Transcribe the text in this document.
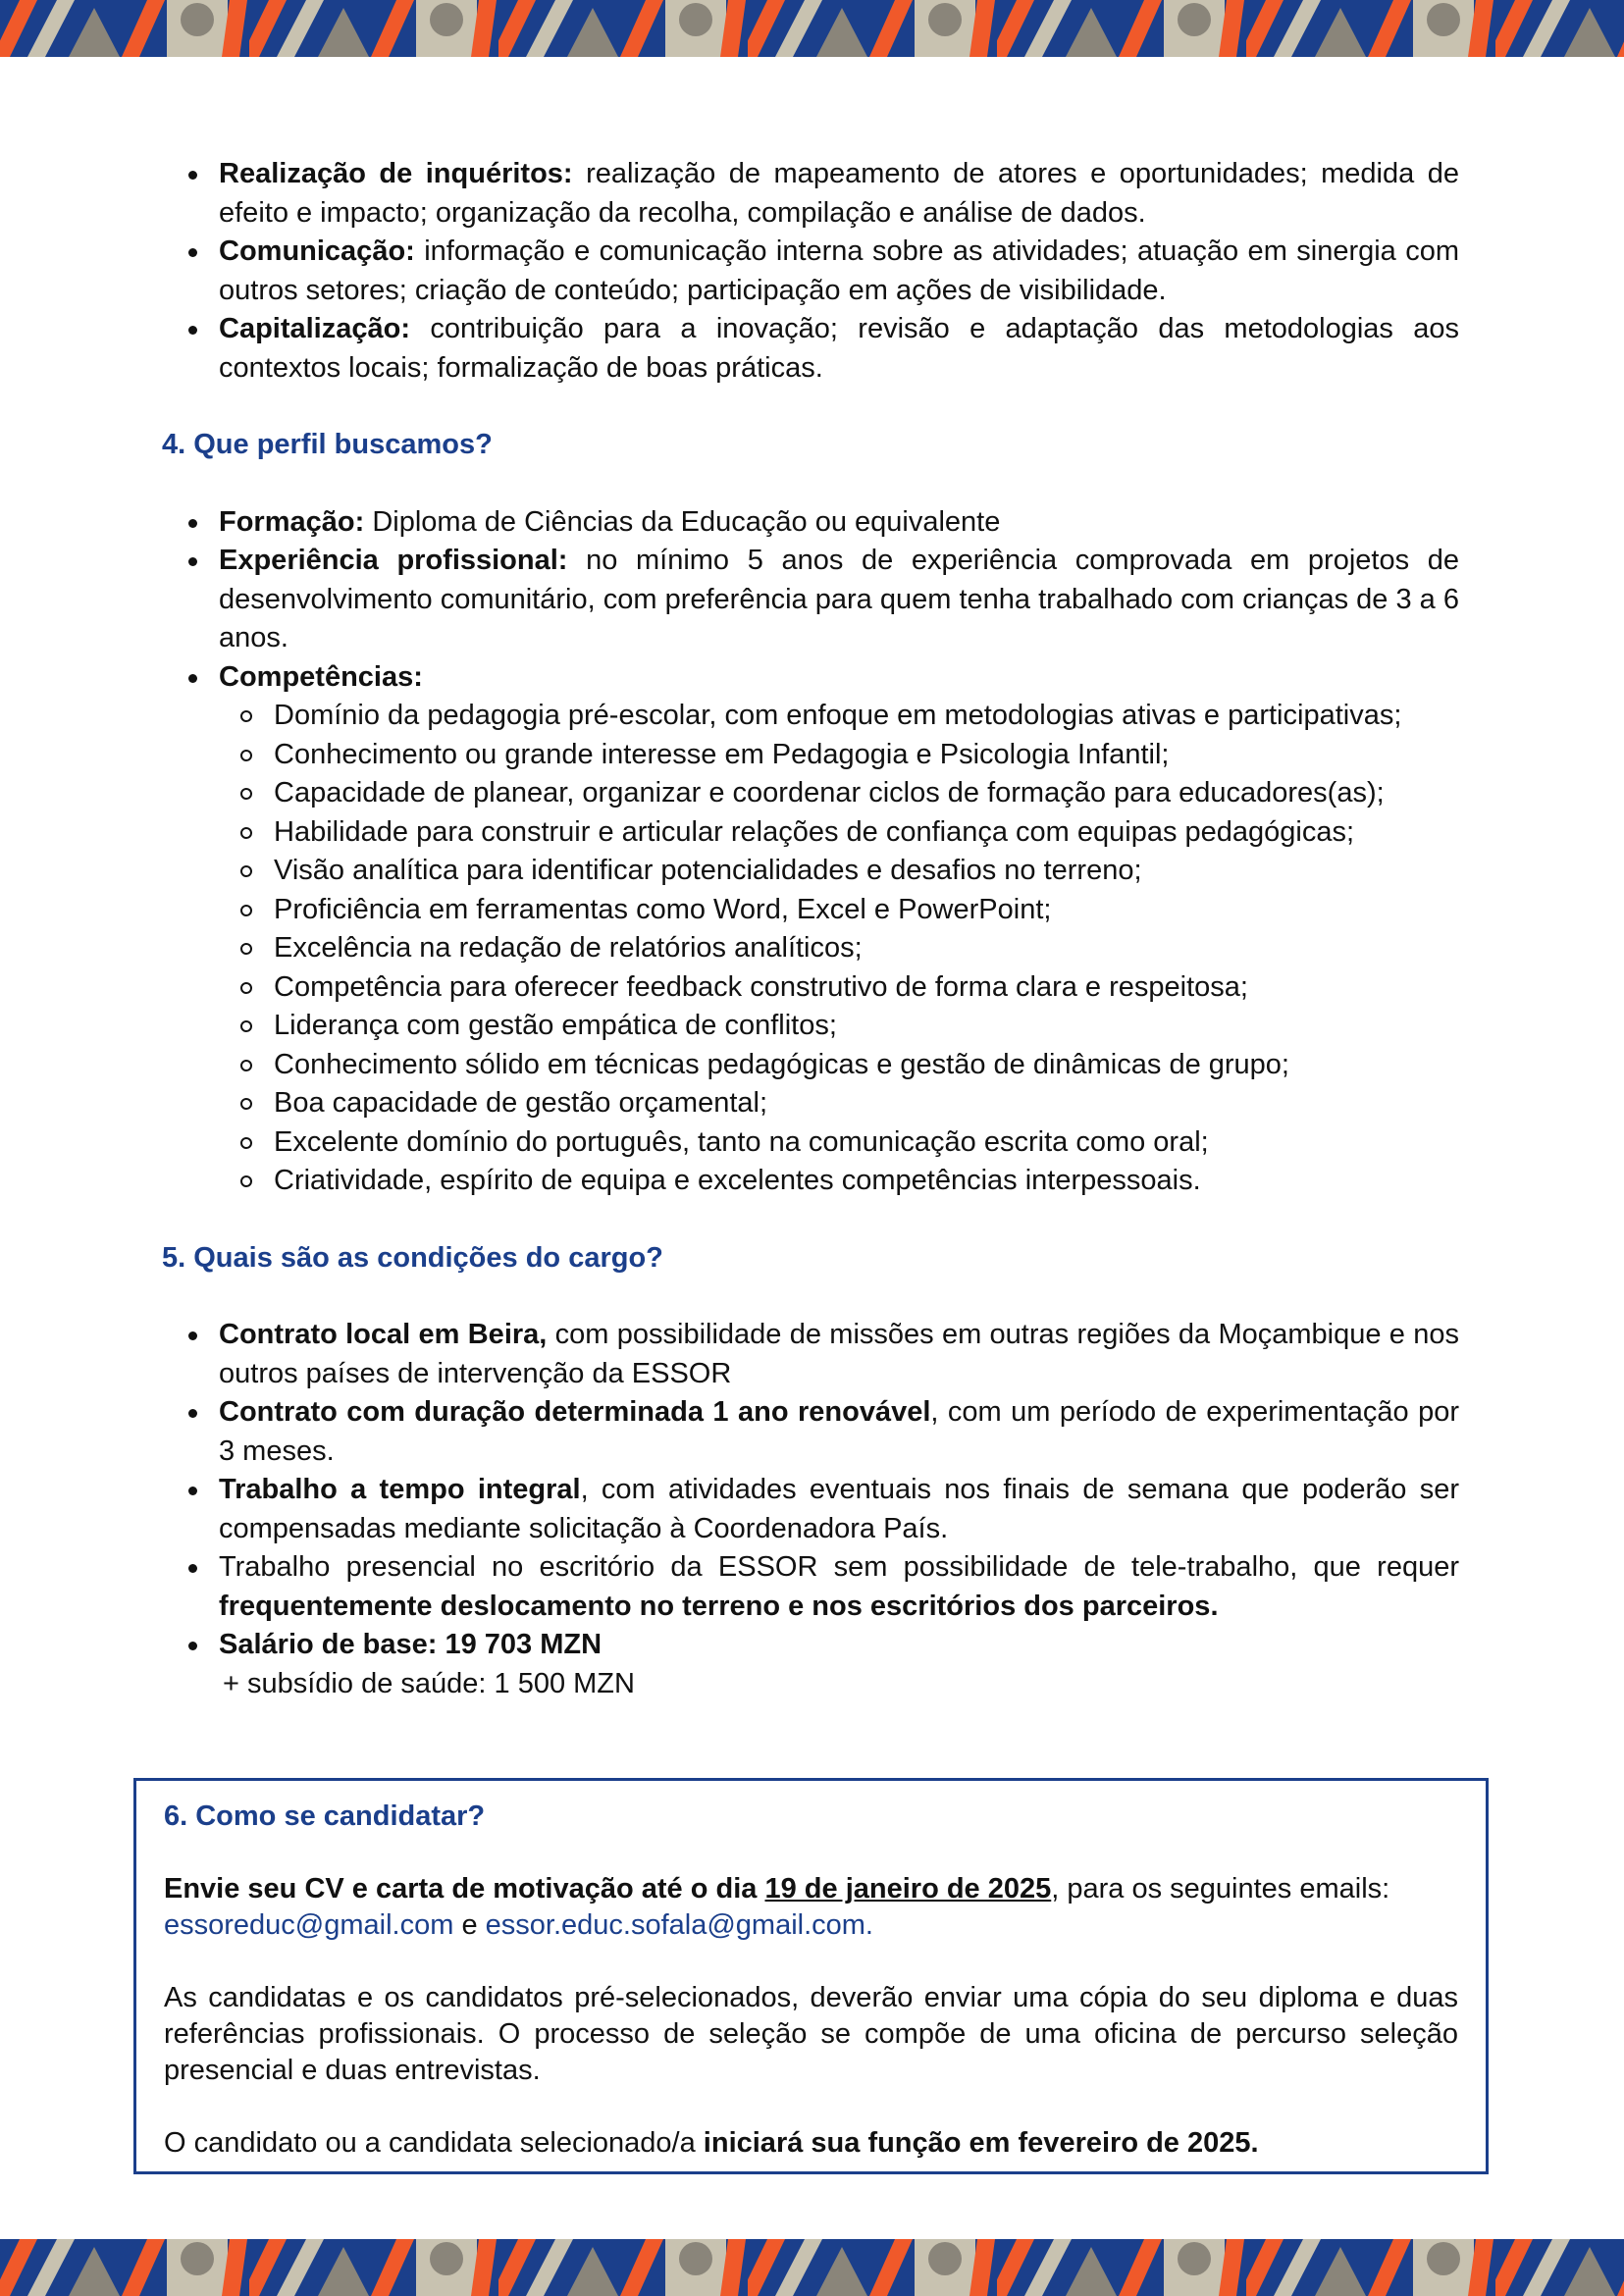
Realização de inquéritos: realização de mapeamento de atores e oportunidades; medida de efeito e impacto; organização da recolha, compilação e análise de dados.
Comunicação: informação e comunicação interna sobre as atividades; atuação em sinergia com outros setores; criação de conteúdo; participação em ações de visibilidade.
Capitalização: contribuição para a inovação; revisão e adaptação das metodologias aos contextos locais; formalização de boas práticas.

4. Que perfil buscamos?

Formação: Diploma de Ciências da Educação ou equivalente
Experiência profissional: no mínimo 5 anos de experiência comprovada em projetos de desenvolvimento comunitário, com preferência para quem tenha trabalhado com crianças de 3 a 6 anos.
Competências:
Domínio da pedagogia pré-escolar, com enfoque em metodologias ativas e participativas;
Conhecimento ou grande interesse em Pedagogia e Psicologia Infantil;
Capacidade de planear, organizar e coordenar ciclos de formação para educadores(as);
Habilidade para construir e articular relações de confiança com equipas pedagógicas;
Visão analítica para identificar potencialidades e desafios no terreno;
Proficiência em ferramentas como Word, Excel e PowerPoint;
Excelência na redação de relatórios analíticos;
Competência para oferecer feedback construtivo de forma clara e respeitosa;
Liderança com gestão empática de conflitos;
Conhecimento sólido em técnicas pedagógicas e gestão de dinâmicas de grupo;
Boa capacidade de gestão orçamental;
Excelente domínio do português, tanto na comunicação escrita como oral;
Criatividade, espírito de equipa e excelentes competências interpessoais.

5. Quais são as condições do cargo?

Contrato local em Beira, com possibilidade de missões em outras regiões da Moçambique e nos outros países de intervenção da ESSOR
Contrato com duração determinada 1 ano renovável, com um período de experimentação por 3 meses.
Trabalho a tempo integral, com atividades eventuais nos finais de semana que poderão ser compensadas mediante solicitação à Coordenadora País.
Trabalho presencial no escritório da ESSOR sem possibilidade de tele-trabalho, que requer frequentemente deslocamento no terreno e nos escritórios dos parceiros.
Salário de base: 19 703 MZN
+ subsídio de saúde: 1 500 MZN

6. Como se candidatar?

Envie seu CV e carta de motivação até o dia 19 de janeiro de 2025, para os seguintes emails:
essoreduc@gmail.com e essor.educ.sofala@gmail.com.

As candidatas e os candidatos pré-selecionados, deverão enviar uma cópia do seu diploma e duas referências profissionais. O processo de seleção se compõe de uma oficina de percurso seleção presencial e duas entrevistas.

O candidato ou a candidata selecionado/a iniciará sua função em fevereiro de 2025.
